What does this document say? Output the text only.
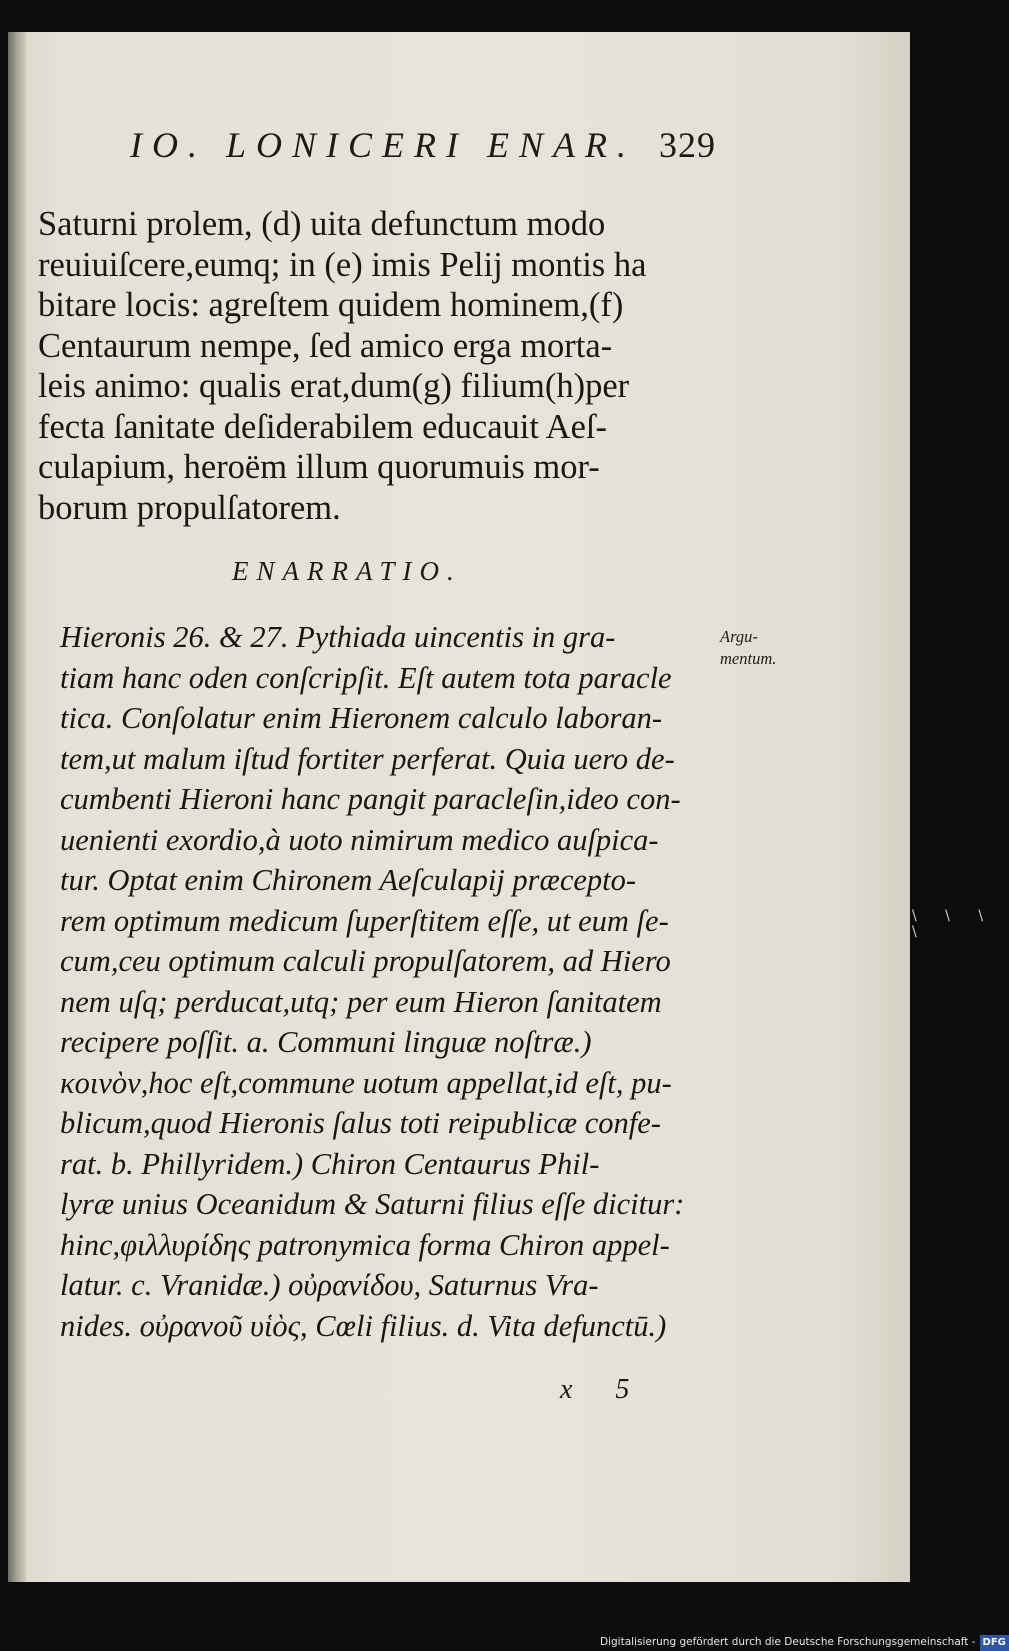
IO. LONICERI ENAR. 329
Saturni prolem, (d) uita defunctum modo
reuiuiſcere,eumq; in (e) imis Pelij montis ha
bitare locis: agreſtem quidem hominem,(f)
Centaurum nempe, ſed amico erga morta-
leis animo: qualis erat,dum(g) filium(h)per
fecta ſanitate deſiderabilem educauit Aeſ-
culapium, heroëm illum quorumuis mor-
borum propulſatorem.
ENARRATIO.
Hieronis 26. & 27. Pythiada uincentis in gra-
tiam hanc oden conſcripſit. Eſt autem tota paracle
tica. Conſolatur enim Hieronem calculo laboran-
tem,ut malum iſtud fortiter perferat. Quia uero de-
cumbenti Hieroni hanc pangit paracleſin,ideo con-
uenienti exordio,à uoto nimirum medico auſpica-
tur. Optat enim Chironem Aeſculapij præcepto-
rem optimum medicum ſuperſtitem eſſe, ut eum ſe-
cum,ceu optimum calculi propulſatorem, ad Hiero
nem uſq; perducat,utq; per eum Hieron ſanitatem
recipere poſſit. a. Communi linguæ noſtræ.)
κοινὸν,hoc eſt,commune uotum appellat,id eſt, pu-
blicum,quod Hieronis ſalus toti reipublicæ confe-
rat. b. Phillyridem.) Chiron Centaurus Phil-
lyræ unius Oceanidum & Saturni filius eſſe dicitur:
hinc,φιλλυρίδης patronymica forma Chiron appel-
latur. c. Vranidæ.) οὐρανίδου, Saturnus Vra-
nides. οὐρανοῦ υἱὸς, Cœli filius. d. Vita defunctū.)
Argu-
mentum.
x 5
\ \ \ \
Digitalisierung gefördert durch die Deutsche Forschungsgemeinschaft - DFG
